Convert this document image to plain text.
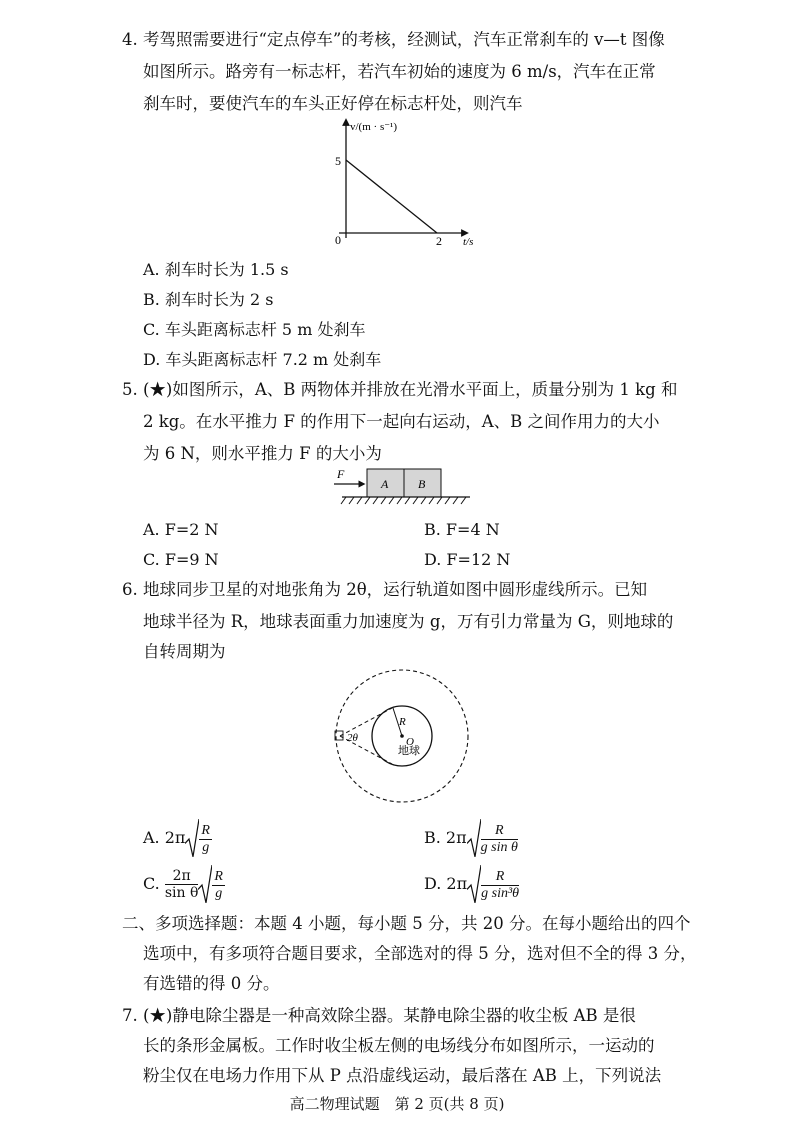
4. 考驾照需要进行“定点停车”的考核，经测试，汽车正常刹车的 v—t 图像
如图所示。路旁有一标志杆，若汽车初始的速度为 6 m/s，汽车在正常
刹车时，要使汽车的车头正好停在标志杆处，则汽车
v/(m · s⁻¹)
t/s
0
5
2
A. 刹车时长为 1.5 s
B. 刹车时长为 2 s
C. 车头距离标志杆 5 m 处刹车
D. 车头距离标志杆 7.2 m 处刹车
5. (★)如图所示，A、B 两物体并排放在光滑水平面上，质量分别为 1 kg 和
2 kg。在水平推力 F 的作用下一起向右运动，A、B 之间作用力的大小
为 6 N，则水平推力 F 的大小为
A B
F
A. F=2 N	B. F=4 N
C. F=9 N	D. F=12 N
6. 地球同步卫星的对地张角为 2θ，运行轨道如图中圆形虚线所示。已知
地球半径为 R，地球表面重力加速度为 g，万有引力常量为 G，则地球的
自转周期为
2θ
R
O
地球
A. $2\pi \frac{R}{g}$	B. $2\pi \frac{R}{\text{g sin θ}}$
C. $\frac{2\pi}{\text{sin θ}} \frac{R}{g}$	D. $2\pi \frac{R}{\text{g sin³θ}}$
二、多项选择题：本题 4 小题，每小题 5 分，共 20 分。在每小题给出的四个
选项中，有多项符合题目要求，全部选对的得 5 分，选对但不全的得 3 分，
有选错的得 0 分。
7. (★)静电除尘器是一种高效除尘器。某静电除尘器的收尘板 AB 是很
长的条形金属板。工作时收尘板左侧的电场线分布如图所示，一运动的
粉尘仅在电场力作用下从 P 点沿虚线运动，最后落在 AB 上，下列说法
高二物理试题　第 2 页(共 8 页)
